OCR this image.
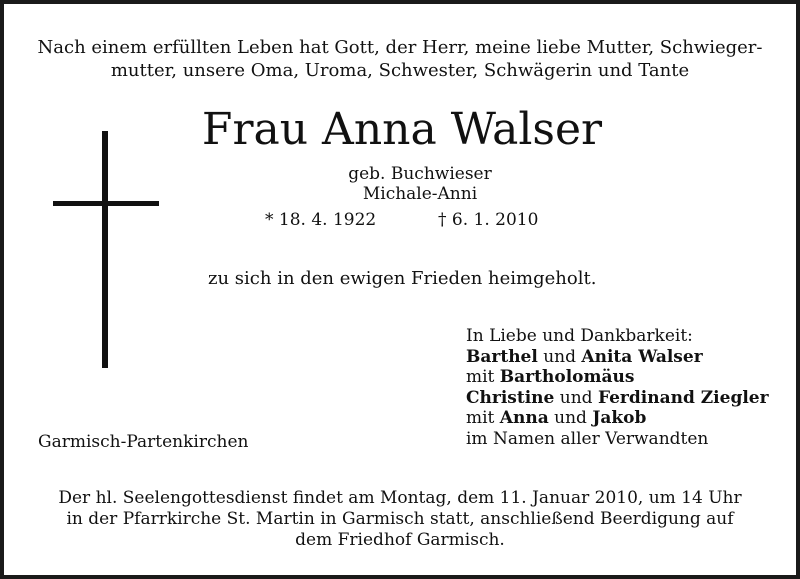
Nach einem erfüllten Leben hat Gott, der Herr, meine liebe Mutter, Schwieger-
mutter, unsere Oma, Uroma, Schwester, Schwägerin und Tante
Frau Anna Walser
geb. Buchwieser
Michale-Anni
* 18. 4. 1922	† 6. 1. 2010
zu sich in den ewigen Frieden heimgeholt.
In Liebe und Dankbarkeit:
Barthel und Anita Walser
mit Bartholomäus
Christine und Ferdinand Ziegler
mit Anna und Jakob
im Namen aller Verwandten
Garmisch-Partenkirchen
Der hl. Seelengottesdienst findet am Montag, dem 11. Januar 2010, um 14 Uhr
in der Pfarrkirche St. Martin in Garmisch statt, anschließend Beerdigung auf
dem Friedhof Garmisch.
